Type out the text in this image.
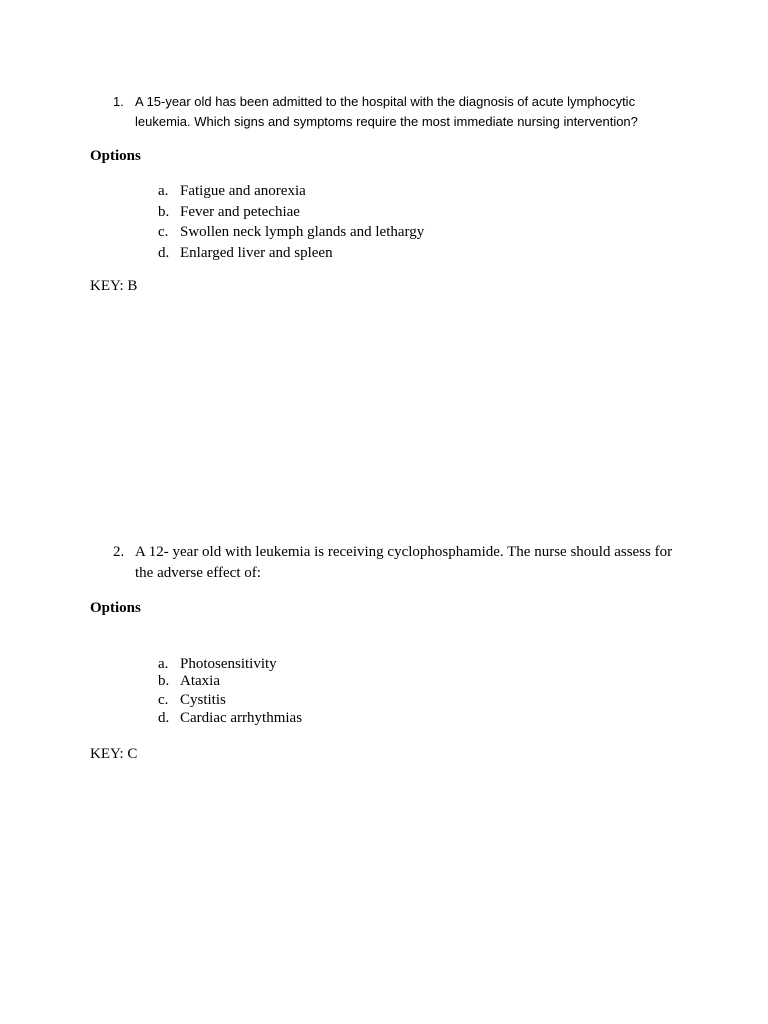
1. A 15-year old has been admitted to the hospital with the diagnosis of acute lymphocytic
leukemia. Which signs and symptoms require the most immediate nursing intervention?
Options
a. Fatigue and anorexia
b. Fever and petechiae
c. Swollen neck lymph glands and lethargy
d. Enlarged liver and spleen
KEY: B
2. A 12- year old with leukemia is receiving cyclophosphamide. The nurse should assess for
the adverse effect of:
Options
a. Photosensitivity
b. Ataxia
c. Cystitis
d. Cardiac arrhythmias
KEY: C
